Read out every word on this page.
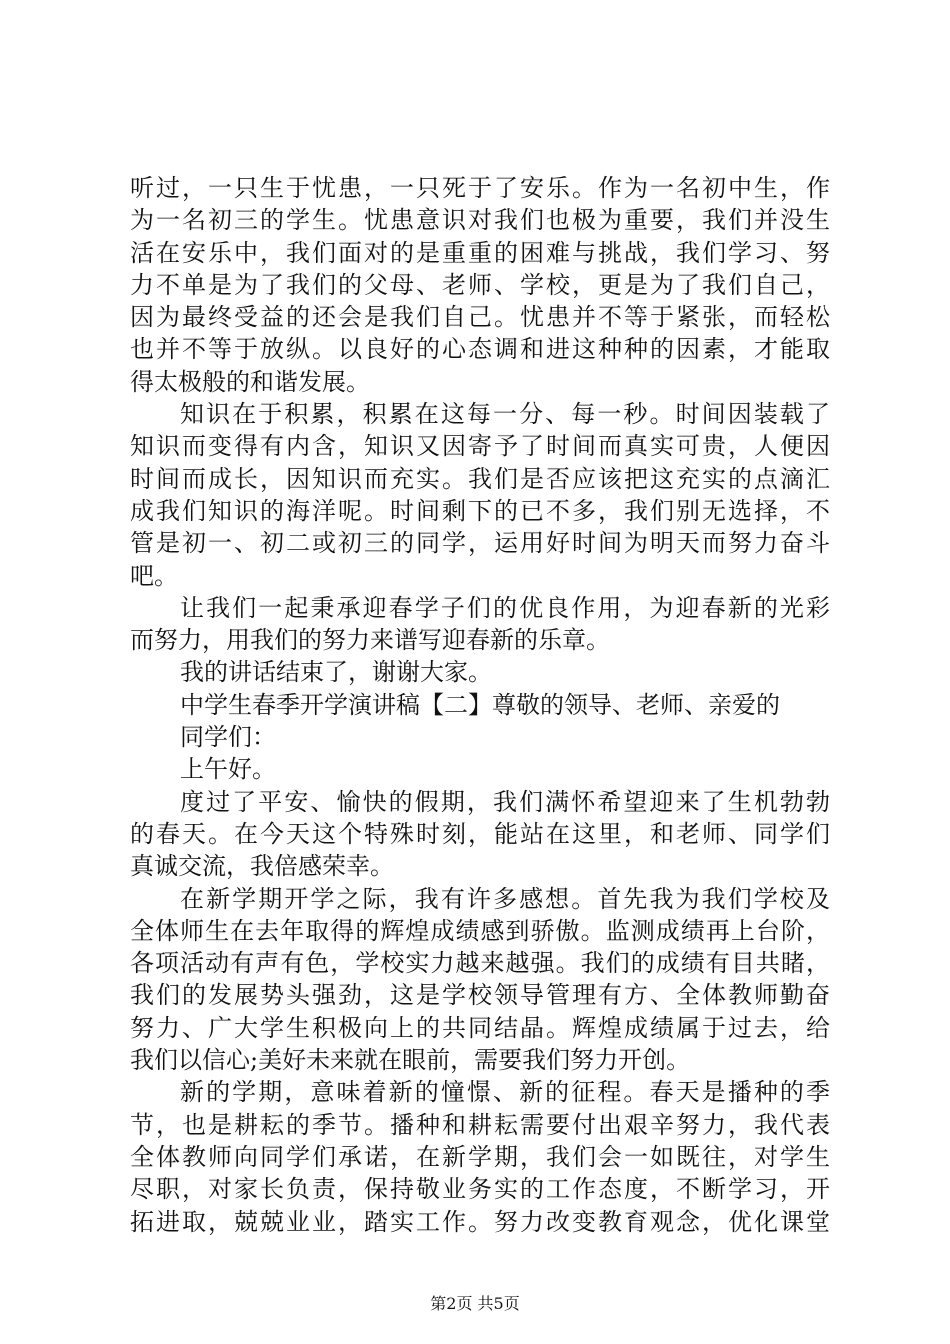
听过，一只生于忧患，一只死于了安乐。作为一名初中生，作
为一名初三的学生。忧患意识对我们也极为重要，我们并没生
活在安乐中，我们面对的是重重的困难与挑战，我们学习、努
力不单是为了我们的父母、老师、学校，更是为了我们自己，
因为最终受益的还会是我们自己。忧患并不等于紧张，而轻松
也并不等于放纵。以良好的心态调和进这种种的因素，才能取
得太极般的和谐发展。
知识在于积累，积累在这每一分、每一秒。时间因装载了
知识而变得有内含，知识又因寄予了时间而真实可贵，人便因
时间而成长，因知识而充实。我们是否应该把这充实的点滴汇
成我们知识的海洋呢。时间剩下的已不多，我们别无选择，不
管是初一、初二或初三的同学，运用好时间为明天而努力奋斗
吧。
让我们一起秉承迎春学子们的优良作用，为迎春新的光彩
而努力，用我们的努力来谱写迎春新的乐章。
我的讲话结束了，谢谢大家。
中学生春季开学演讲稿【二】尊敬的领导、老师、亲爱的
同学们：
上午好。
度过了平安、愉快的假期，我们满怀希望迎来了生机勃勃
的春天。在今天这个特殊时刻，能站在这里，和老师、同学们
真诚交流，我倍感荣幸。
在新学期开学之际，我有许多感想。首先我为我们学校及
全体师生在去年取得的辉煌成绩感到骄傲。监测成绩再上台阶，
各项活动有声有色，学校实力越来越强。我们的成绩有目共睹，
我们的发展势头强劲，这是学校领导管理有方、全体教师勤奋
努力、广大学生积极向上的共同结晶。辉煌成绩属于过去，给
我们以信心;美好未来就在眼前，需要我们努力开创。
新的学期，意味着新的憧憬、新的征程。春天是播种的季
节，也是耕耘的季节。播种和耕耘需要付出艰辛努力，我代表
全体教师向同学们承诺，在新学期，我们会一如既往，对学生
尽职，对家长负责，保持敬业务实的工作态度，不断学习，开
拓进取，兢兢业业，踏实工作。努力改变教育观念，优化课堂
第2页 共5页
